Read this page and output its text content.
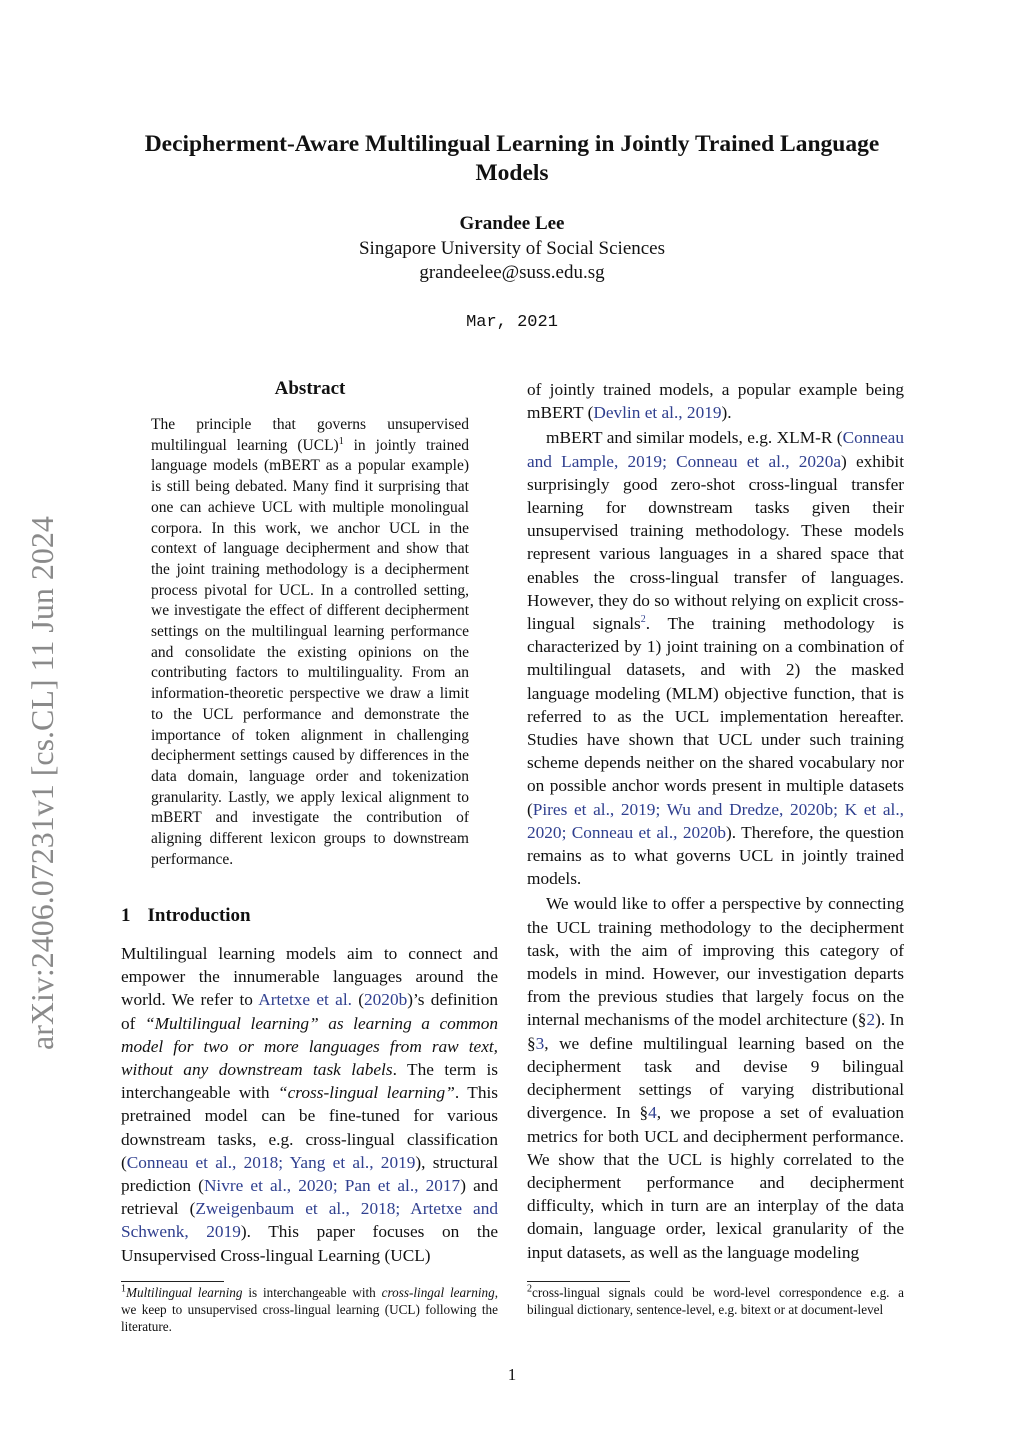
Decipherment-Aware Multilingual Learning in Jointly Trained Language Models
Grandee Lee
Singapore University of Social Sciences
grandeelee@suss.edu.sg
Mar, 2021
arXiv:2406.07231v1 [cs.CL] 11 Jun 2024
Abstract
The principle that governs unsupervised multilingual learning (UCL)$^1$ in jointly trained language models (mBERT as a popular example) is still being debated. Many find it surprising that one can achieve UCL with multiple monolingual corpora. In this work, we anchor UCL in the context of language decipherment and show that the joint training methodology is a decipherment process pivotal for UCL. In a controlled setting, we investigate the effect of different decipherment settings on the multilingual learning performance and consolidate the existing opinions on the contributing factors to multilinguality. From an information-theoretic perspective we draw a limit to the UCL performance and demonstrate the importance of token alignment in challenging decipherment settings caused by differences in the data domain, language order and tokenization granularity. Lastly, we apply lexical alignment to mBERT and investigate the contribution of aligning different lexicon groups to downstream performance.
1 Introduction

Multilingual learning models aim to connect and empower the innumerable languages around the world. We refer to Artetxe et al. (2020b)’s definition of “Multilingual learning” as learning a common model for two or more languages from raw text, without any downstream task labels. The term is interchangeable with “cross-lingual learning”. This pretrained model can be fine-tuned for various downstream tasks, e.g. cross-lingual classification (Conneau et al., 2018; Yang et al., 2019), structural prediction (Nivre et al., 2020; Pan et al., 2017) and retrieval (Zweigenbaum et al., 2018; Artetxe and Schwenk, 2019). This paper focuses on the Unsupervised Cross-lingual Learning (UCL)

of jointly trained models, a popular example being mBERT (Devlin et al., 2019).

mBERT and similar models, e.g. XLM-R (Conneau and Lample, 2019; Conneau et al., 2020a) exhibit surprisingly good zero-shot cross-lingual transfer learning for downstream tasks given their unsupervised training methodology. These models represent various languages in a shared space that enables the cross-lingual transfer of languages. However, they do so without relying on explicit cross-lingual signals$^2$. The training methodology is characterized by 1) joint training on a combination of multilingual datasets, and with 2) the masked language modeling (MLM) objective function, that is referred to as the UCL implementation hereafter. Studies have shown that UCL under such training scheme depends neither on the shared vocabulary nor on possible anchor words present in multiple datasets (Pires et al., 2019; Wu and Dredze, 2020b; K et al., 2020; Conneau et al., 2020b). Therefore, the question remains as to what governs UCL in jointly trained models.

We would like to offer a perspective by connecting the UCL training methodology to the decipherment task, with the aim of improving this category of models in mind. However, our investigation departs from the previous studies that largely focus on the internal mechanisms of the model architecture (§2). In §3, we define multilingual learning based on the decipherment task and devise 9 bilingual decipherment settings of varying distributional divergence. In §4, we propose a set of evaluation metrics for both UCL and decipherment performance. We show that the UCL is highly correlated to the decipherment performance and decipherment difficulty, which in turn are an interplay of the data domain, language order, lexical granularity of the input datasets, as well as the language modeling

$^1$Multilingual learning is interchangeable with cross-lingal learning, we keep to unsupervised cross-lingual learning (UCL) following the literature.
$^2$cross-lingual signals could be word-level correspondence e.g. a bilingual dictionary, sentence-level, e.g. bitext or at document-level
1
